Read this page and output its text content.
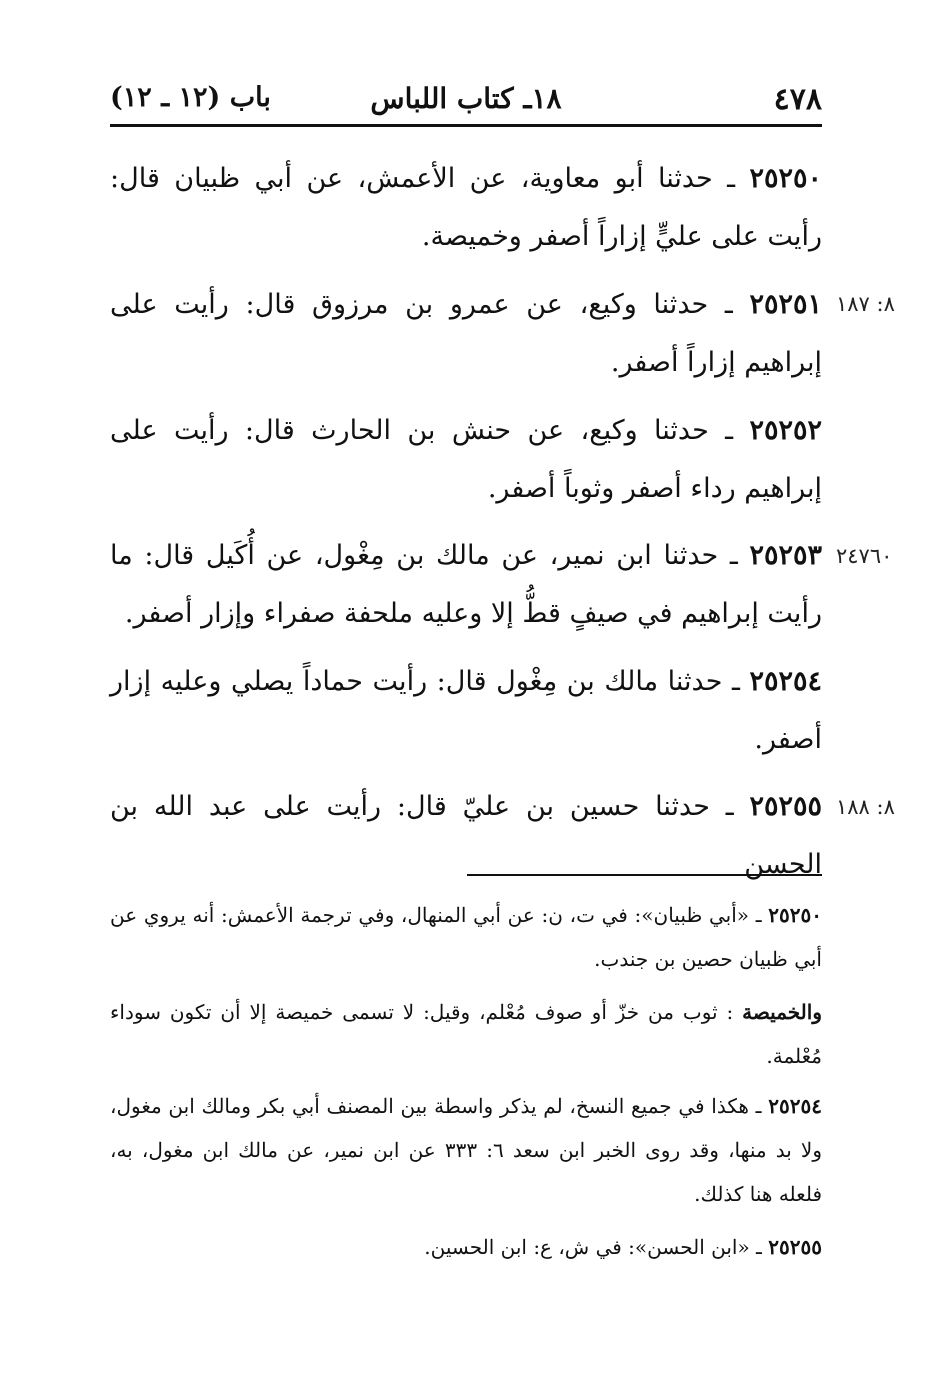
٤٧٨
١٨ـ كتاب اللباس
باب (١٢ ـ ١٢)
٢٥٢٥٠ ـ حدثنا أبو معاوية، عن الأعمش، عن أبي ظبيان قال: رأيت على عليٍّ إزاراً أصفر وخميصة.
٨: ١٨٧
٢٥٢٥١ ـ حدثنا وكيع، عن عمرو بن مرزوق قال: رأيت على إبراهيم إزاراً أصفر.
٢٥٢٥٢ ـ حدثنا وكيع، عن حنش بن الحارث قال: رأيت على إبراهيم رداء أصفر وثوباً أصفر.
٢٤٧٦٠
٢٥٢٥٣ ـ حدثنا ابن نمير، عن مالك بن مِغْول، عن أُكَيل قال: ما رأيت إبراهيم في صيفٍ قطُّ إلا وعليه ملحفة صفراء وإزار أصفر.
٢٥٢٥٤ ـ حدثنا مالك بن مِغْول قال: رأيت حماداً يصلي وعليه إزار أصفر.
٨: ١٨٨
٢٥٢٥٥ ـ حدثنا حسين بن عليّ قال: رأيت على عبد الله بن الحسن
٢٥٢٥٠ ـ «أبي ظبيان»: في ت، ن: عن أبي المنهال، وفي ترجمة الأعمش: أنه يروي عن أبي ظبيان حصين بن جندب.
والخميصة : ثوب من خزّ أو صوف مُعْلم، وقيل: لا تسمى خميصة إلا أن تكون سوداء مُعْلمة.
٢٥٢٥٤ ـ هكذا في جميع النسخ، لم يذكر واسطة بين المصنف أبي بكر ومالك ابن مغول، ولا بد منها، وقد روى الخبر ابن سعد ٦: ٣٣٣ عن ابن نمير، عن مالك ابن مغول، به، فلعله هنا كذلك.
٢٥٢٥٥ ـ «ابن الحسن»: في ش، ع: ابن الحسين.
